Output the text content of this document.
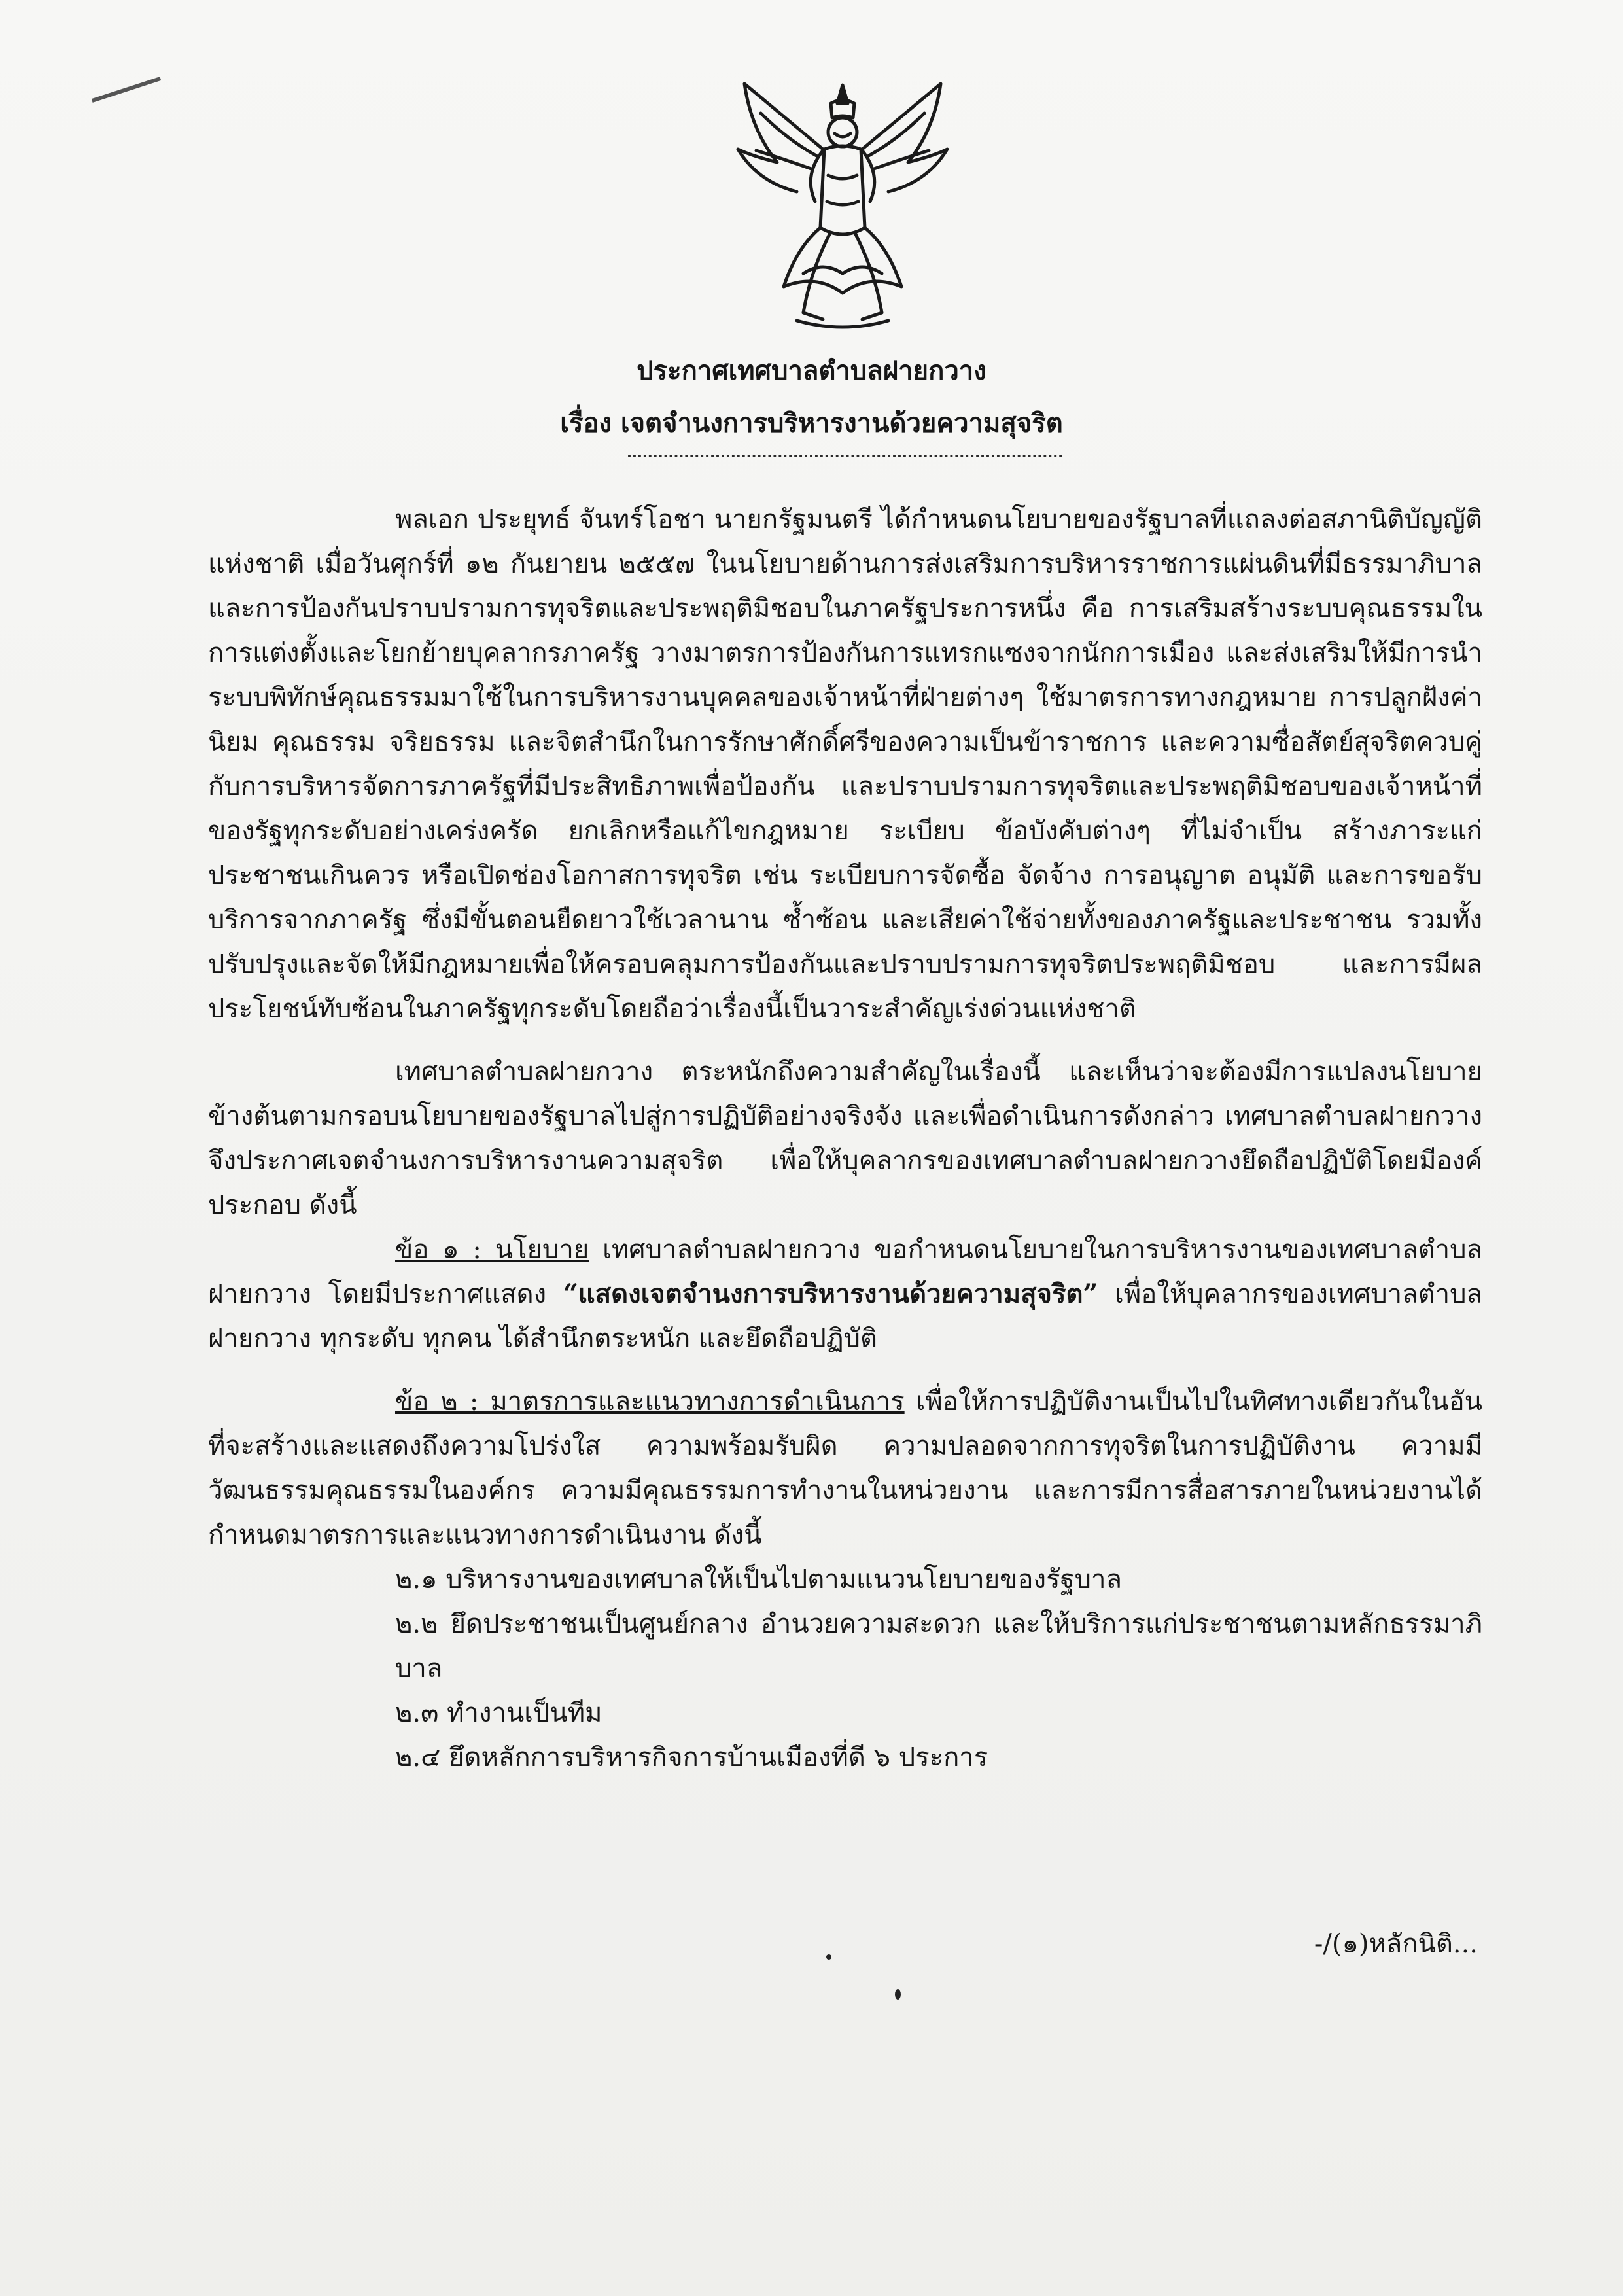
ประกาศเทศบาลตำบลฝายกวาง
เรื่อง เจตจำนงการบริหารงานด้วยความสุจริต

พลเอก ประยุทธ์ จันทร์โอชา นายกรัฐมนตรี ได้กำหนดนโยบายของรัฐบาลที่แถลงต่อสภานิติบัญญัติแห่งชาติ เมื่อวันศุกร์ที่ ๑๒ กันยายน ๒๕๕๗ ในนโยบายด้านการส่งเสริมการบริหารราชการแผ่นดินที่มีธรรมาภิบาลและการป้องกันปราบปรามการทุจริตและประพฤติมิชอบในภาครัฐประการหนึ่ง คือ การเสริมสร้างระบบคุณธรรมในการแต่งตั้งและโยกย้ายบุคลากรภาครัฐ วางมาตรการป้องกันการแทรกแซงจากนักการเมือง และส่งเสริมให้มีการนำระบบพิทักษ์คุณธรรมมาใช้ในการบริหารงานบุคคลของเจ้าหน้าที่ฝ่ายต่างๆ ใช้มาตรการทางกฎหมาย การปลูกฝังค่านิยม คุณธรรม จริยธรรม และจิตสำนึกในการรักษาศักดิ์ศรีของความเป็นข้าราชการ และความซื่อสัตย์สุจริตควบคู่กับการบริหารจัดการภาครัฐที่มีประสิทธิภาพเพื่อป้องกัน และปราบปรามการทุจริตและประพฤติมิชอบของเจ้าหน้าที่ของรัฐทุกระดับอย่างเคร่งครัด ยกเลิกหรือแก้ไขกฎหมาย ระเบียบ ข้อบังคับต่างๆ ที่ไม่จำเป็น สร้างภาระแก่ประชาชนเกินควร หรือเปิดช่องโอกาสการทุจริต เช่น ระเบียบการจัดซื้อ จัดจ้าง การอนุญาต อนุมัติ และการขอรับบริการจากภาครัฐ ซึ่งมีขั้นตอนยืดยาวใช้เวลานาน ซ้ำซ้อน และเสียค่าใช้จ่ายทั้งของภาครัฐและประชาชน รวมทั้ง ปรับปรุงและจัดให้มีกฎหมายเพื่อให้ครอบคลุมการป้องกันและปราบปรามการทุจริตประพฤติมิชอบ และการมีผลประโยชน์ทับซ้อนในภาครัฐทุกระดับโดยถือว่าเรื่องนี้เป็นวาระสำคัญเร่งด่วนแห่งชาติ

เทศบาลตำบลฝายกวาง ตระหนักถึงความสำคัญในเรื่องนี้ และเห็นว่าจะต้องมีการแปลงนโยบายข้างต้นตามกรอบนโยบายของรัฐบาลไปสู่การปฏิบัติอย่างจริงจัง และเพื่อดำเนินการดังกล่าว เทศบาลตำบลฝายกวาง จึงประกาศเจตจำนงการบริหารงานความสุจริต เพื่อให้บุคลากรของเทศบาลตำบลฝายกวางยึดถือปฏิบัติโดยมีองค์ประกอบ ดังนี้

ข้อ ๑ : นโยบาย เทศบาลตำบลฝายกวาง ขอกำหนดนโยบายในการบริหารงานของเทศบาลตำบลฝายกวาง โดยมีประกาศแสดง “แสดงเจตจำนงการบริหารงานด้วยความสุจริต” เพื่อให้บุคลากรของเทศบาลตำบลฝายกวาง ทุกระดับ ทุกคน ได้สำนึกตระหนัก และยึดถือปฏิบัติ

ข้อ ๒ : มาตรการและแนวทางการดำเนินการ เพื่อให้การปฏิบัติงานเป็นไปในทิศทางเดียวกันในอันที่จะสร้างและแสดงถึงความโปร่งใส ความพร้อมรับผิด ความปลอดจากการทุจริตในการปฏิบัติงาน ความมีวัฒนธรรมคุณธรรมในองค์กร ความมีคุณธรรมการทำงานในหน่วยงาน และการมีการสื่อสารภายในหน่วยงานได้กำหนดมาตรการและแนวทางการดำเนินงาน ดังนี้

๒.๑ บริหารงานของเทศบาลให้เป็นไปตามแนวนโยบายของรัฐบาล

๒.๒ ยึดประชาชนเป็นศูนย์กลาง อำนวยความสะดวก และให้บริการแก่ประชาชนตามหลักธรรมาภิบาล

๒.๓ ทำงานเป็นทีม

๒.๔ ยึดหลักการบริหารกิจการบ้านเมืองที่ดี ๖ ประการ

-/(๑)หลักนิติ...
